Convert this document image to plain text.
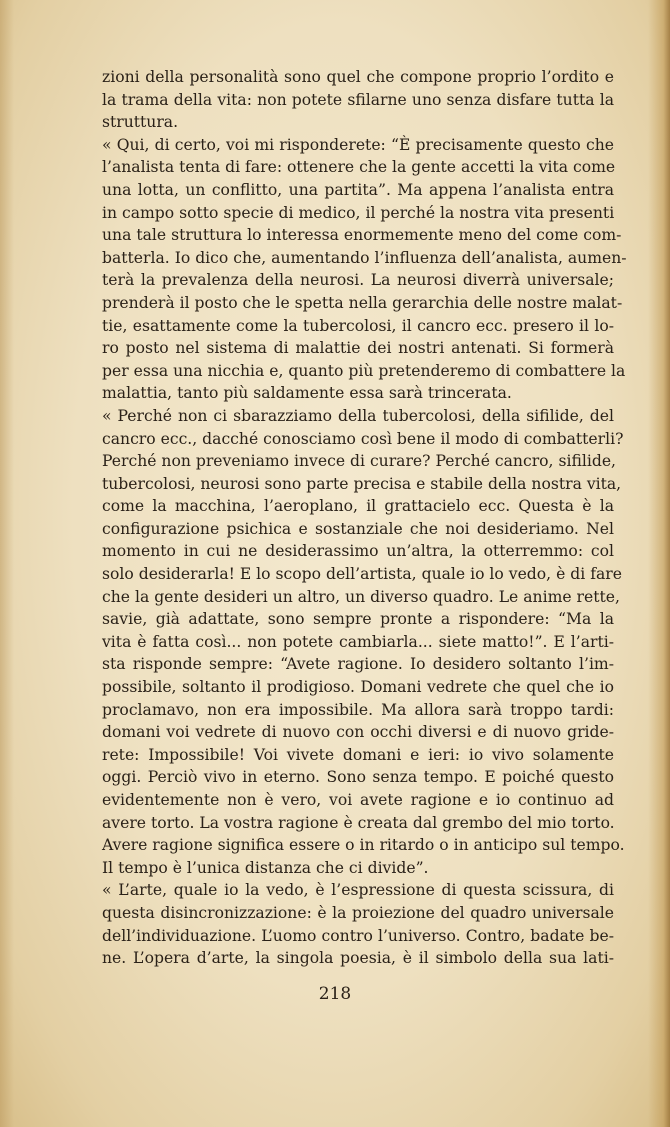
zioni della personalità sono quel che compone proprio l’ordito e
la trama della vita: non potete sfilarne uno senza disfare tutta la
struttura.

« Qui, di certo, voi mi risponderete: “È precisamente questo che
l’analista tenta di fare: ottenere che la gente accetti la vita come
una lotta, un conflitto, una partita”. Ma appena l’analista entra
in campo sotto specie di medico, il perché la nostra vita presenti
una tale struttura lo interessa enormemente meno del come com-
batterla. Io dico che, aumentando l’influenza dell’analista, aumen-
terà la prevalenza della neurosi. La neurosi diverrà universale;
prenderà il posto che le spetta nella gerarchia delle nostre malat-
tie, esattamente come la tubercolosi, il cancro ecc. presero il lo-
ro posto nel sistema di malattie dei nostri antenati. Si formerà
per essa una nicchia e, quanto più pretenderemo di combattere la
malattia, tanto più saldamente essa sarà trincerata.

« Perché non ci sbarazziamo della tubercolosi, della sifilide, del
cancro ecc., dacché conosciamo così bene il modo di combatterli?
Perché non preveniamo invece di curare? Perché cancro, sifilide,
tubercolosi, neurosi sono parte precisa e stabile della nostra vita,
come la macchina, l’aeroplano, il grattacielo ecc. Questa è la
configurazione psichica e sostanziale che noi desideriamo. Nel
momento in cui ne desiderassimo un’altra, la otterremmo: col
solo desiderarla! E lo scopo dell’artista, quale io lo vedo, è di fare
che la gente desideri un altro, un diverso quadro. Le anime rette,
savie, già adattate, sono sempre pronte a rispondere: “Ma la
vita è fatta così... non potete cambiarla... siete matto!”. E l’arti-
sta risponde sempre: “Avete ragione. Io desidero soltanto l’im-
possibile, soltanto il prodigioso. Domani vedrete che quel che io
proclamavo, non era impossibile. Ma allora sarà troppo tardi:
domani voi vedrete di nuovo con occhi diversi e di nuovo gride-
rete: Impossibile! Voi vivete domani e ieri: io vivo solamente
oggi. Perciò vivo in eterno. Sono senza tempo. E poiché questo
evidentemente non è vero, voi avete ragione e io continuo ad
avere torto. La vostra ragione è creata dal grembo del mio torto.
Avere ragione significa essere o in ritardo o in anticipo sul tempo.
Il tempo è l’unica distanza che ci divide”.

« L’arte, quale io la vedo, è l’espressione di questa scissura, di
questa disincronizzazione: è la proiezione del quadro universale
dell’individuazione. L’uomo contro l’universo. Contro, badate be-
ne. L’opera d’arte, la singola poesia, è il simbolo della sua lati-

218
